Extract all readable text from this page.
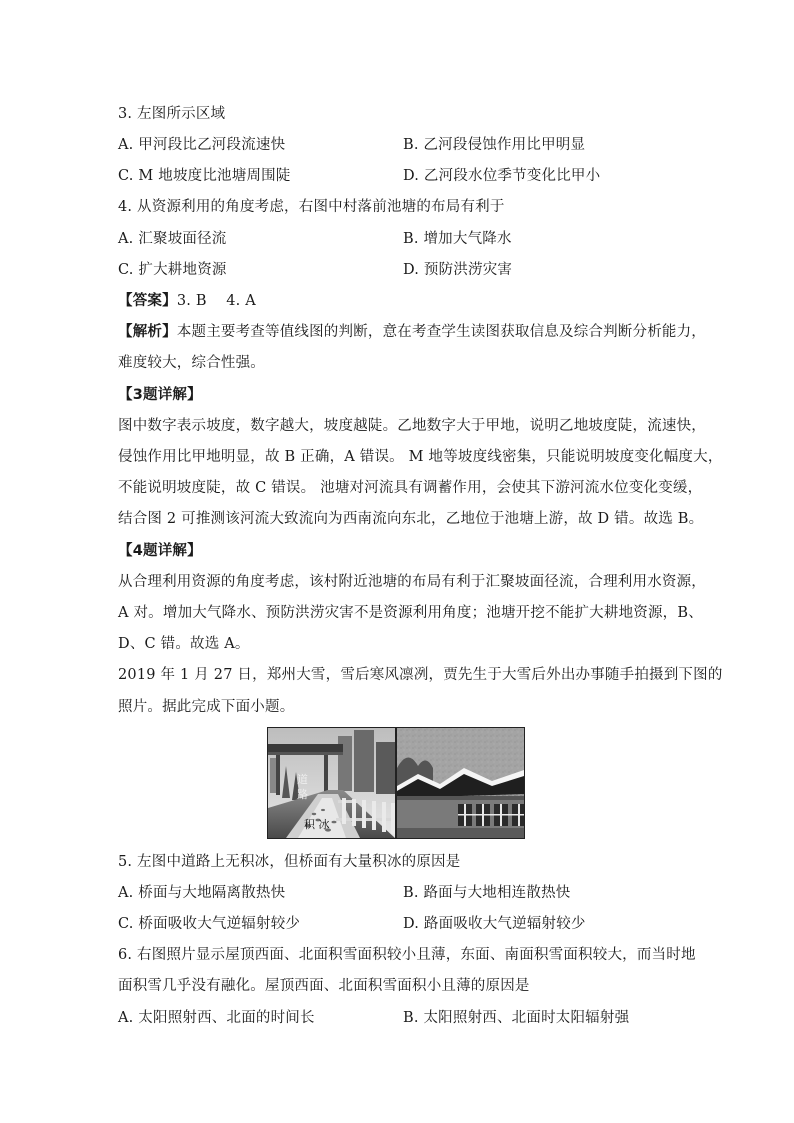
3. 左图所示区域
A. 甲河段比乙河段流速快	B. 乙河段侵蚀作用比甲明显
C. M 地坡度比池塘周围陡	D. 乙河段水位季节变化比甲小
4. 从资源利用的角度考虑，右图中村落前池塘的布局有利于
A. 汇聚坡面径流	B. 增加大气降水
C. 扩大耕地资源	D. 预防洪涝灾害
【答案】3. B　 4. A
【解析】本题主要考查等值线图的判断，意在考查学生读图获取信息及综合判断分析能力，
难度较大，综合性强。
【3题详解】
图中数字表示坡度，数字越大，坡度越陡。乙地数字大于甲地，说明乙地坡度陡，流速快，
侵蚀作用比甲地明显，故 B 正确，A 错误。 M 地等坡度线密集，只能说明坡度变化幅度大，
不能说明坡度陡，故 C 错误。 池塘对河流具有调蓄作用，会使其下游河流水位变化变缓，
结合图 2 可推测该河流大致流向为西南流向东北，乙地位于池塘上游，故 D 错。故选 B。
【4题详解】
从合理利用资源的角度考虑，该村附近池塘的布局有利于汇聚坡面径流，合理利用水资源，
A 对。增加大气降水、预防洪涝灾害不是资源利用角度；池塘开挖不能扩大耕地资源，B、
D、C 错。故选 A。
2019 年 1 月 27 日，郑州大雪，雪后寒风凛冽，贾先生于大雪后外出办事随手拍摄到下图的
照片。据此完成下面小题。
道
路
积 冰
5. 左图中道路上无积冰，但桥面有大量积冰的原因是
A. 桥面与大地隔离散热快	B. 路面与大地相连散热快
C. 桥面吸收大气逆辐射较少	D. 路面吸收大气逆辐射较少
6. 右图照片显示屋顶西面、北面积雪面积较小且薄，东面、南面积雪面积较大，而当时地
面积雪几乎没有融化。屋顶西面、北面积雪面积小且薄的原因是
A. 太阳照射西、北面的时间长	B. 太阳照射西、北面时太阳辐射强
